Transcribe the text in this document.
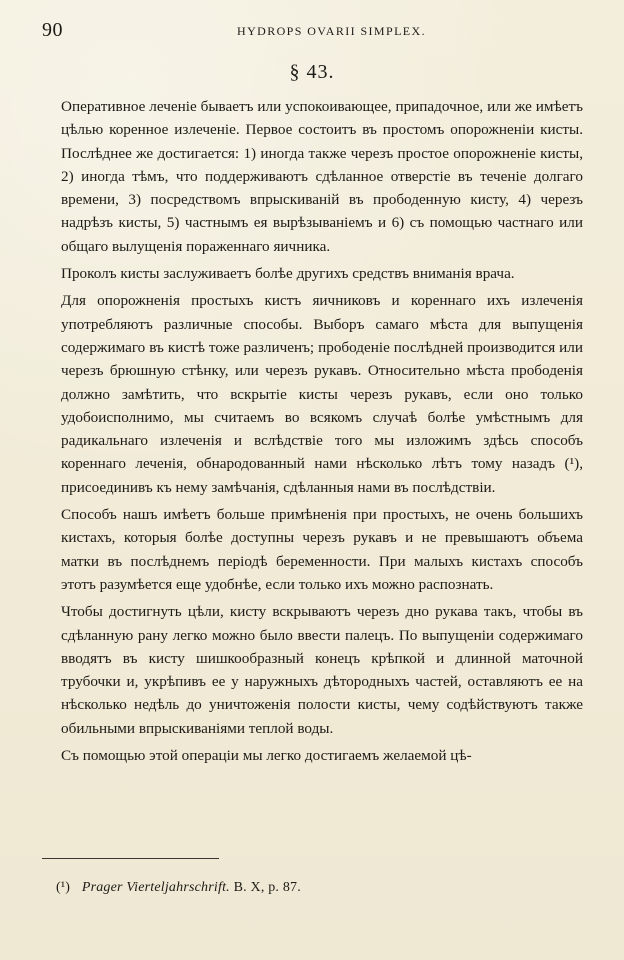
90	HYDROPS OVARII SIMPLEX.
§ 43.

Оперативное леченіе бываетъ или успокоивающее, припадочное, или же имѣетъ цѣлью коренное излеченіе. Первое состоитъ въ простомъ опорожненіи кисты. Послѣднее же достигается: 1) иногда также черезъ простое опорожненіе кисты, 2) иногда тѣмъ, что поддерживаютъ сдѣланное отверстіе въ теченіе долгаго времени, 3) посредствомъ впрыскиваній въ прободенную кисту, 4) черезъ надрѣзъ кисты, 5) частнымъ ея вырѣзываніемъ и 6) съ помощью частнаго или общаго вылущенія пораженнаго яичника.

Проколъ кисты заслуживаетъ болѣе другихъ средствъ вниманія врача.

Для опорожненія простыхъ кистъ яичниковъ и кореннаго ихъ излеченія употребляютъ различные способы. Выборъ самаго мѣста для выпущенія содержимаго въ кистѣ тоже различенъ; прободеніе послѣдней производится или черезъ брюшную стѣнку, или черезъ рукавъ. Относительно мѣста прободенія должно замѣтить, что вскрытіе кисты черезъ рукавъ, если оно только удобоисполнимо, мы считаемъ во всякомъ случаѣ болѣе умѣстнымъ для радикальнаго излеченія и вслѣдствіе того мы изложимъ здѣсь способъ кореннаго леченія, обнародованный нами нѣсколько лѣтъ тому назадъ (¹), присоединивъ къ нему замѣчанія, сдѣланныя нами въ послѣдствіи.

Способъ нашъ имѣетъ больше примѣненія при простыхъ, не очень большихъ кистахъ, которыя болѣе доступны черезъ рукавъ и не превышаютъ объема матки въ послѣднемъ періодѣ беременности. При малыхъ кистахъ способъ этотъ разумѣется еще удобнѣе, если только ихъ можно распознать.

Чтобы достигнуть цѣли, кисту вскрываютъ черезъ дно рукава такъ, чтобы въ сдѣланную рану легко можно было ввести палецъ. По выпущеніи содержимаго вводятъ въ кисту шишкообразный конецъ крѣпкой и длинной маточной трубочки и, укрѣпивъ ее у наружныхъ дѣтородныхъ частей, оставляютъ ее на нѣсколько недѣль до уничтоженія полости кисты, чему содѣйствуютъ также обильными впрыскиваніями теплой воды.

Съ помощью этой операціи мы легко достигаемъ желаемой цѣ-

(¹) Prager Vierteljahrschrift. B. X, p. 87.
